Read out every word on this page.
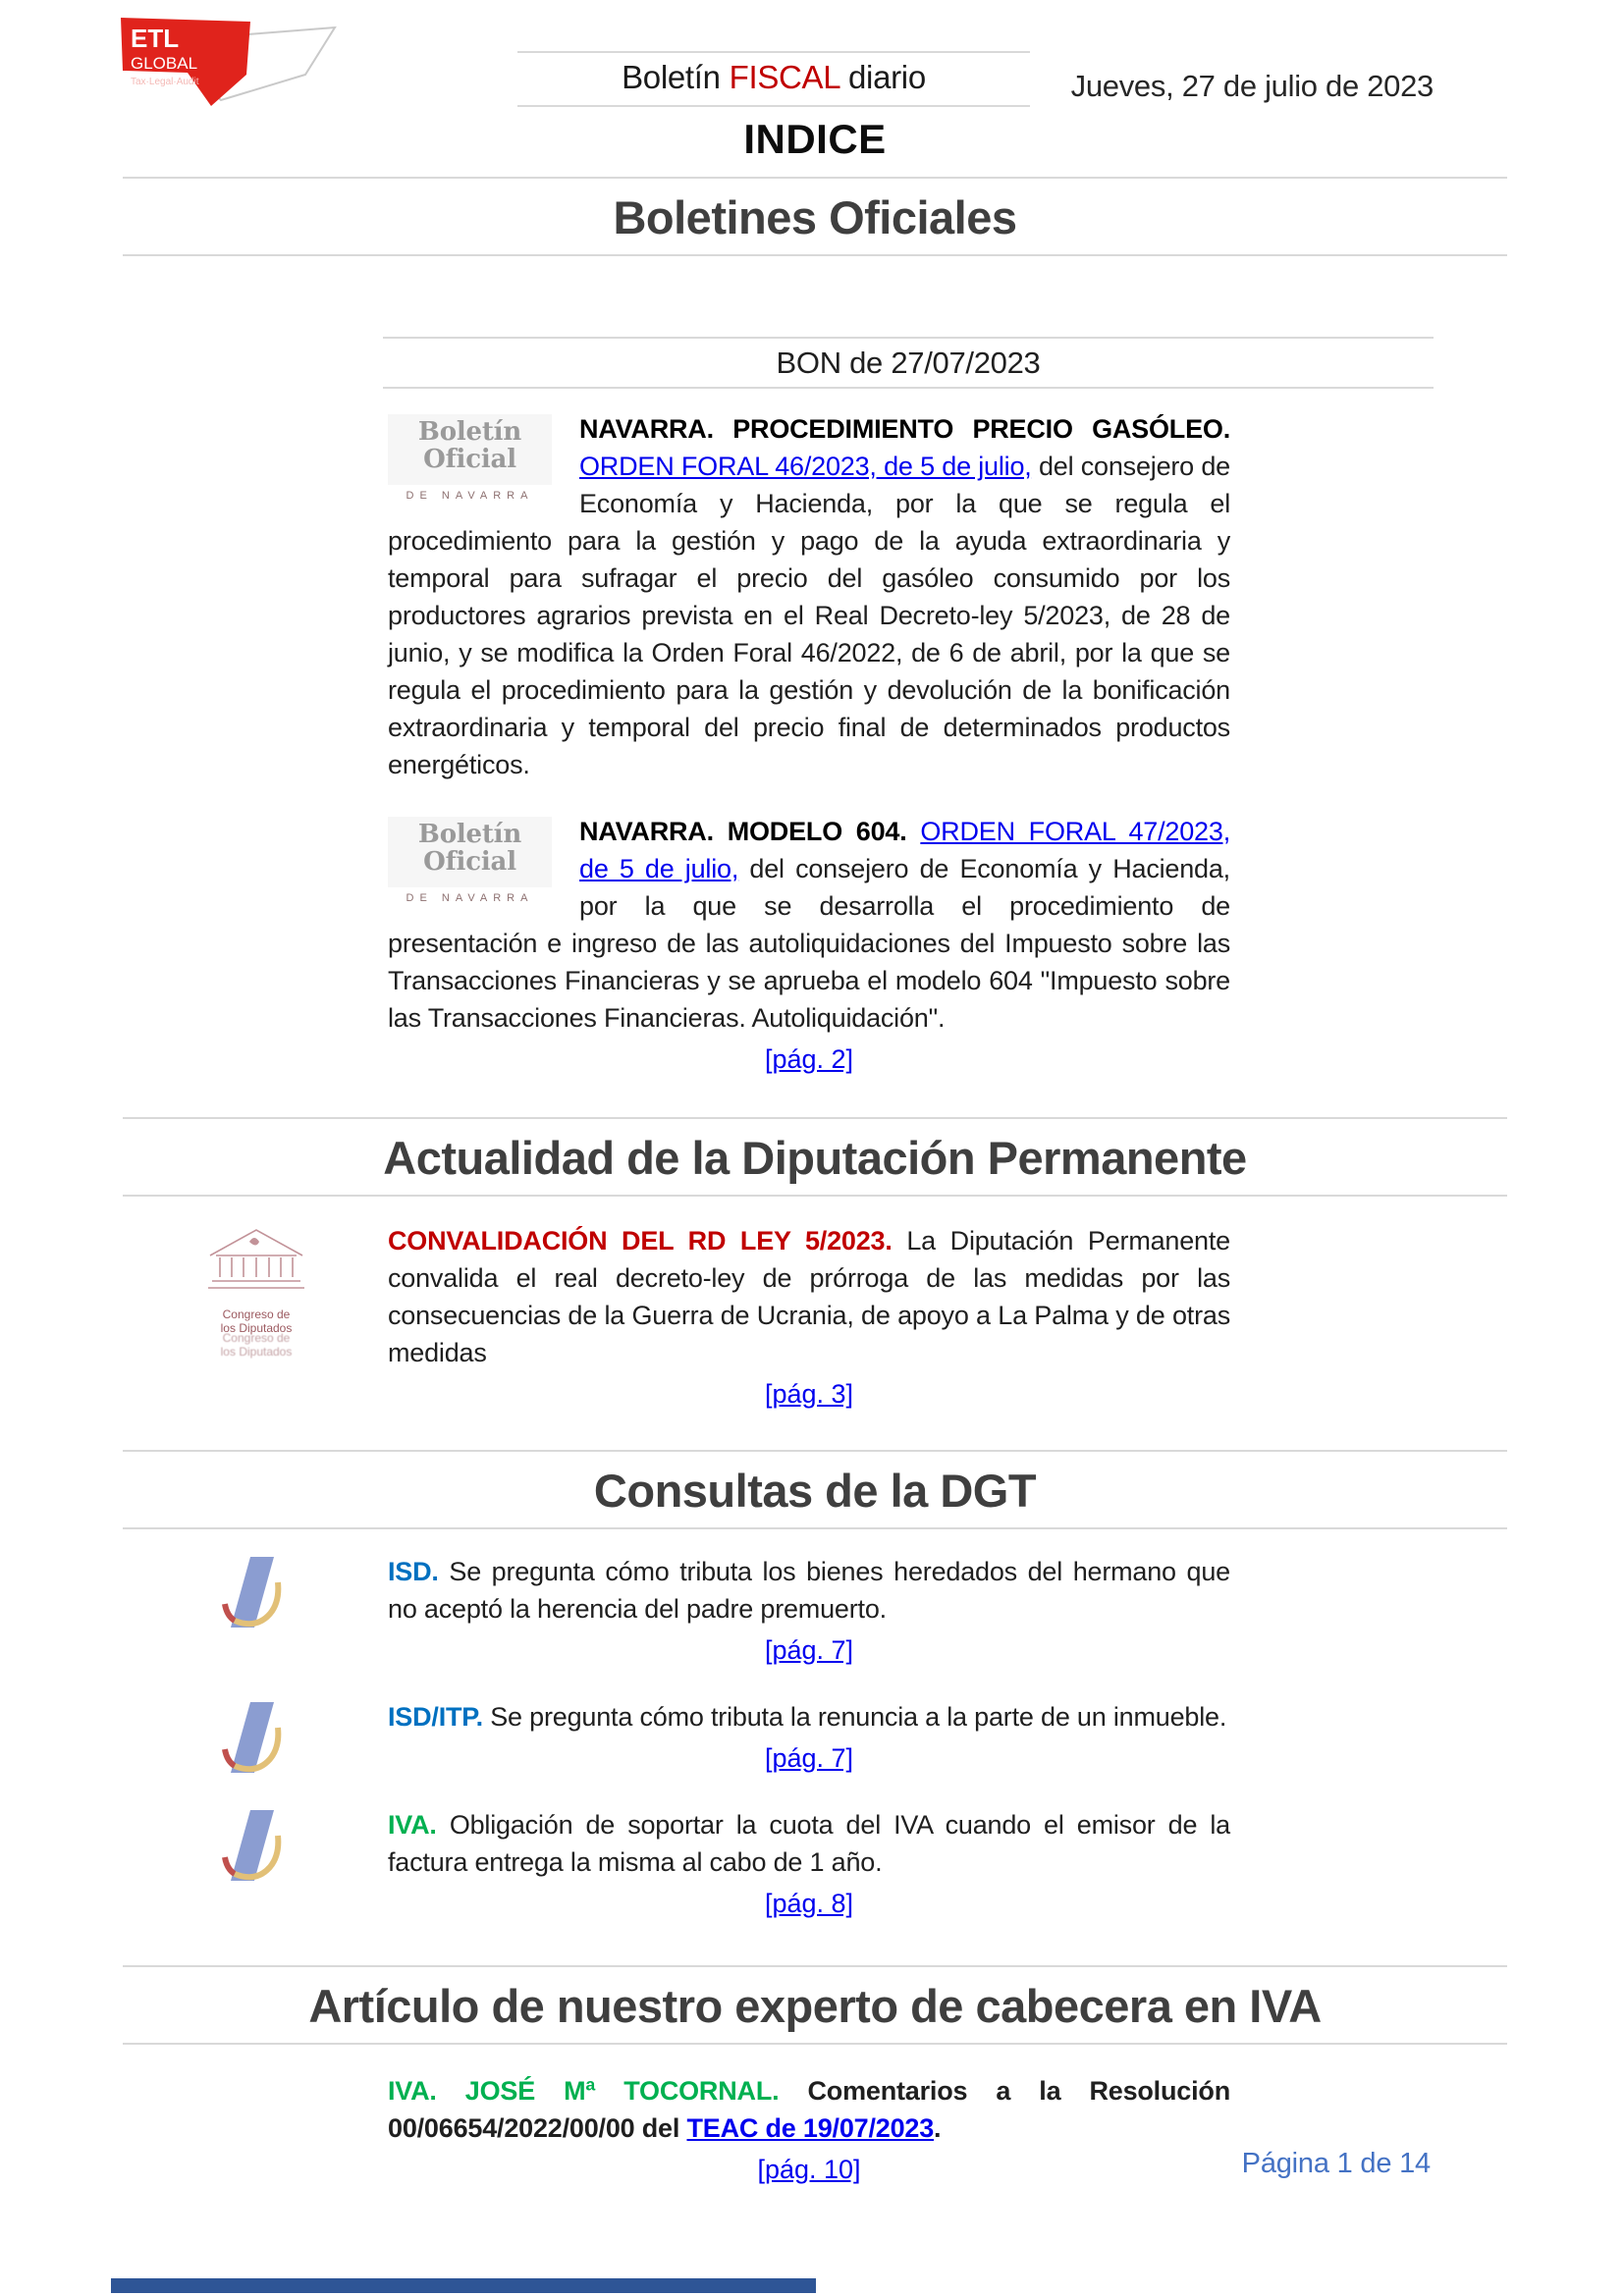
ETL
GLOBAL
Tax·Legal·Audit	Boletín FISCAL diario	Jueves, 27 de julio de 2023
INDICE
Boletines Oficiales
BON de 27/07/2023

Boletín Oficial
DE NAVARRA
NAVARRA. PROCEDIMIENTO PRECIO GASÓLEO. ORDEN FORAL 46/2023, de 5 de julio, del consejero de Economía y Hacienda, por la que se regula el procedimiento para la gestión y pago de la ayuda extraordinaria y temporal para sufragar el precio del gasóleo consumido por los productores agrarios prevista en el Real Decreto-ley 5/2023, de 28 de junio, y se modifica la Orden Foral 46/2022, de 6 de abril, por la que se regula el procedimiento para la gestión y devolución de la bonificación extraordinaria y temporal del precio final de determinados productos energéticos.

Boletín Oficial
DE NAVARRA
NAVARRA. MODELO 604. ORDEN FORAL 47/2023, de 5 de julio, del consejero de Economía y Hacienda, por la que se desarrolla el procedimiento de presentación e ingreso de las autoliquidaciones del Impuesto sobre las Transacciones Financieras y se aprueba el modelo 604 "Impuesto sobre las Transacciones Financieras. Autoliquidación".

[pág. 2]
Actualidad de la Diputación Permanente
Congreso de
los Diputados
Congreso de
los Diputados

CONVALIDACIÓN DEL RD LEY 5/2023. La Diputación Permanente convalida el real decreto-ley de prórroga de las medidas por las consecuencias de la Guerra de Ucrania, de apoyo a La Palma y de otras medidas

[pág. 3]
Consultas de la DGT

ISD. Se pregunta cómo tributa los bienes heredados del hermano que no aceptó la herencia del padre premuerto.

[pág. 7]

ISD/ITP. Se pregunta cómo tributa la renuncia a la parte de un inmueble.

[pág. 7]

IVA. Obligación de soportar la cuota del IVA cuando el emisor de la factura entrega la misma al cabo de 1 año.

[pág. 8]
Artículo de nuestro experto de cabecera en IVA

IVA. JOSÉ Mª TOCORNAL. Comentarios a la Resolución 00/06654/2022/00/00 del TEAC de 19/07/2023.

[pág. 10]	Página 1 de 14
